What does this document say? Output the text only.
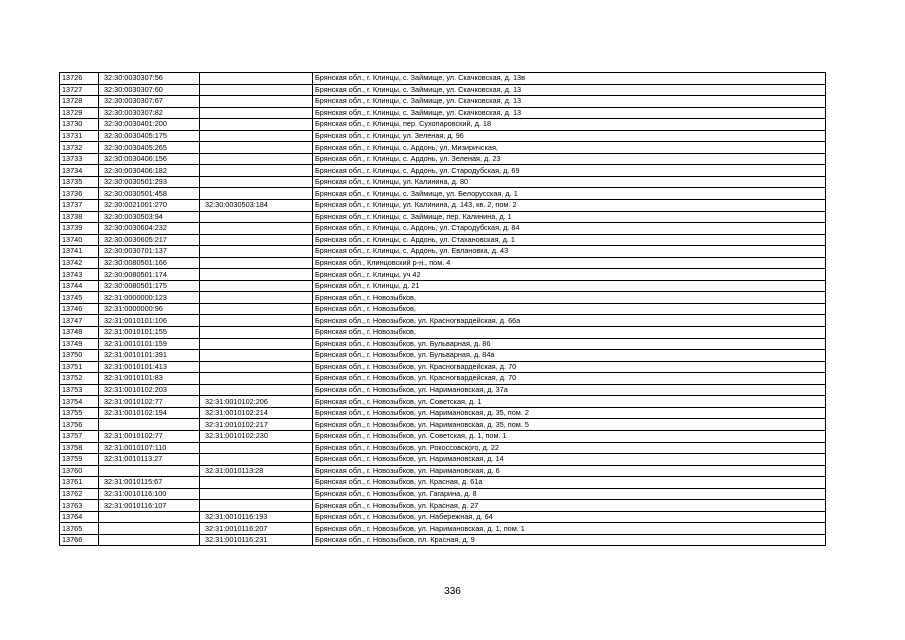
13726	32:30:0030307:56		Брянская обл., г. Клинцы, с. Займище, ул. Скачковская, д. 13в
13727	32:30:0030307:60		Брянская обл., г. Клинцы, с. Займище, ул. Скачковская, д. 13
13728	32:30:0030307:67		Брянская обл., г. Клинцы, с. Займище, ул. Скачковская, д. 13
13729	32:30:0030307:82		Брянская обл., г. Клинцы, с. Займище, ул. Скачковская, д. 13
13730	32:30:0030401:200		Брянская обл., г. Клинцы, пер. Сухопаровский, д. 18
13731	32:30:0030405:175		Брянская обл., г. Клинцы, ул. Зеленая, д. 96
13732	32:30:0030405:265		Брянская обл., г. Клинцы, с. Ардонь, ул. Мизиричская,
13733	32:30:0030406:156		Брянская обл., г. Клинцы, с. Ардонь, ул. Зеленая, д. 23
13734	32:30:0030406:182		Брянская обл., г. Клинцы, с. Ардонь, ул. Стародубская, д. 69
13735	32:30:0030501:293		Брянская обл., г. Клинцы, ул. Калинина, д. 80
13736	32:30:0030501:458		Брянская обл., г. Клинцы, с. Займище, ул. Белорусская, д. 1
13737	32:30:0021001:270	32:30:0030503:184	Брянская обл., г. Клинцы, ул. Калинина, д. 143, кв. 2, пом. 2
13738	32:30:0030503:94		Брянская обл., г. Клинцы, с. Займище, пер. Калинина, д. 1
13739	32:30:0030604:232		Брянская обл., г. Клинцы, с. Ардонь, ул. Стародубская, д. 84
13740	32:30:0030605:217		Брянская обл., г. Клинцы, с. Ардонь, ул. Стахановская, д. 1
13741	32:30:0030701:137		Брянская обл., г. Клинцы, с. Ардонь, ул. Евлановка, д. 43
13742	32:30:0080501:166		Брянская обл., Клинцовский р-н., пом. 4
13743	32:30:0080501:174		Брянская обл., г. Клинцы, уч 42
13744	32:30:0080501:175		Брянская обл., г. Клинцы, д. 21
13745	32:31:0000000:123		Брянская обл., г. Новозыбков,
13746	32:31:0000000:96		Брянская обл., г. Новозыбков,
13747	32:31:0010101:106		Брянская обл., г. Новозыбков, ул. Красногвардейская, д. 66а
13748	32:31:0010101:155		Брянская обл., г. Новозыбков,
13749	32:31:0010101:159		Брянская обл., г. Новозыбков, ул. Бульварная, д. 86
13750	32:31:0010101:391		Брянская обл., г. Новозыбков, ул. Бульварная, д. 84а
13751	32:31:0010101:413		Брянская обл., г. Новозыбков, ул. Красногвардейская, д. 70
13752	32:31:0010101:83		Брянская обл., г. Новозыбков, ул. Красногвардейская, д. 70
13753	32:31:0010102:203		Брянская обл., г. Новозыбков, ул. Наримановская, д. 37а
13754	32:31:0010102:77	32:31:0010102:206	Брянская обл., г. Новозыбков, ул. Советская, д. 1
13755	32:31:0010102:194	32:31:0010102:214	Брянская обл., г. Новозыбков, ул. Наримановская, д. 35, пом. 2
13756		32:31:0010102:217	Брянская обл., г. Новозыбков, ул. Наримановская, д. 35, пом. 5
13757	32:31:0010102:77	32:31:0010102:230	Брянская обл., г. Новозыбков, ул. Советская, д. 1, пом. 1
13758	32:31:0010107:110		Брянская обл., г. Новозыбков, ул. Рокоссовского, д. 22
13759	32:31:0010113:27		Брянская обл., г. Новозыбков, ул. Наримановская, д. 14
13760		32:31:0010113:28	Брянская обл., г. Новозыбков, ул. Наримановская, д. 6
13761	32:31:0010115:67		Брянская обл., г. Новозыбков, ул. Красная, д. 61а
13762	32:31:0010116:100		Брянская обл., г. Новозыбков, ул. Гагарина, д. 8
13763	32:31:0010116:107		Брянская обл., г. Новозыбков, ул. Красная, д. 27
13764		32:31:0010116:193	Брянская обл., г. Новозыбков, ул. Набережная, д. 64
13765		32:31:0010116:207	Брянская обл., г. Новозыбков, ул. Наримановская, д. 1, пом. 1
13766		32:31:0010116:231	Брянская обл., г. Новозыбков, пл. Красная, д. 9
336
